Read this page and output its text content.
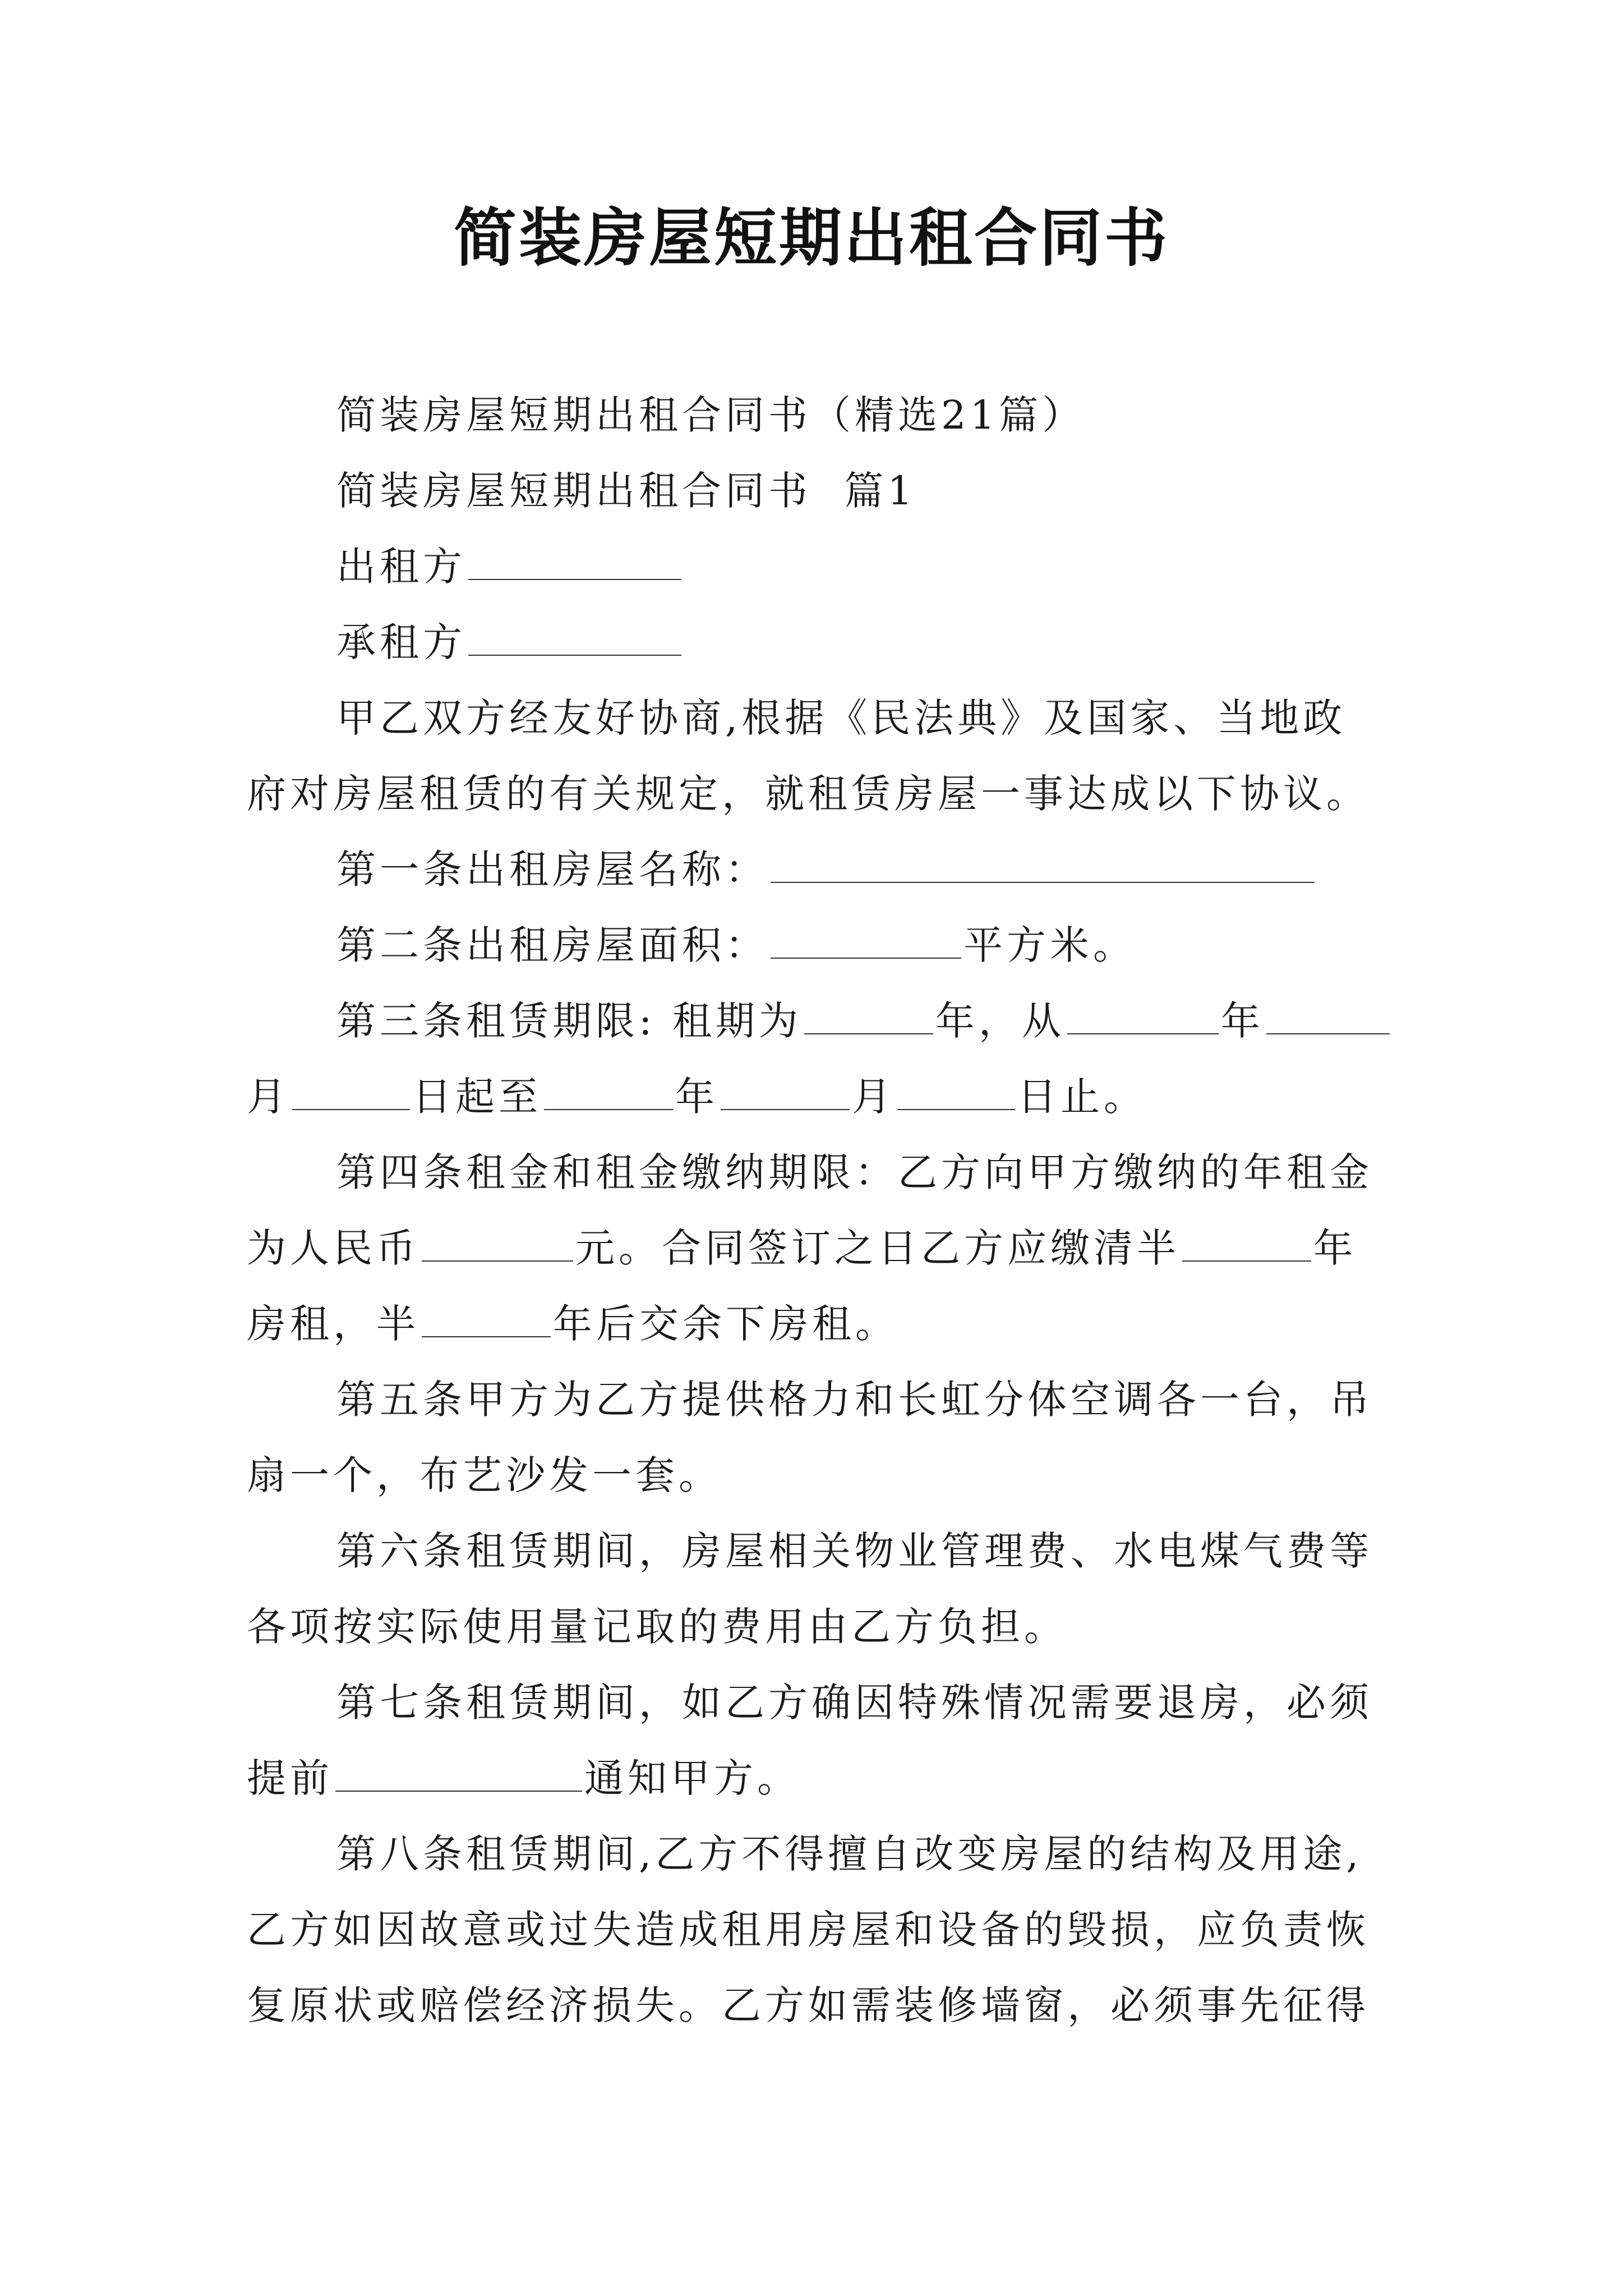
简装房屋短期出租合同书

简装房屋短期出租合同书（精选21篇）

简装房屋短期出租合同书  篇1

出租方

承租方

甲乙双方经友好协商,根据《民法典》及国家、当地政

府对房屋租赁的有关规定，就租赁房屋一事达成以下协议。

第一条出租房屋名称：

第二条出租房屋面积：	平方米。

第三条租赁期限: 租期为	年，从	年

月	日起至	年	月	日止。

第四条租金和租金缴纳期限：乙方向甲方缴纳的年租金

为人民币	元。合同签订之日乙方应缴清半	年

房租，半	年后交余下房租。

第五条甲方为乙方提供格力和长虹分体空调各一台，吊

扇一个，布艺沙发一套。

第六条租赁期间，房屋相关物业管理费、水电煤气费等

各项按实际使用量记取的费用由乙方负担。

第七条租赁期间，如乙方确因特殊情况需要退房，必须

提前	通知甲方。

第八条租赁期间,乙方不得擅自改变房屋的结构及用途,

乙方如因故意或过失造成租用房屋和设备的毁损，应负责恢

复原状或赔偿经济损失。乙方如需装修墙窗，必须事先征得
